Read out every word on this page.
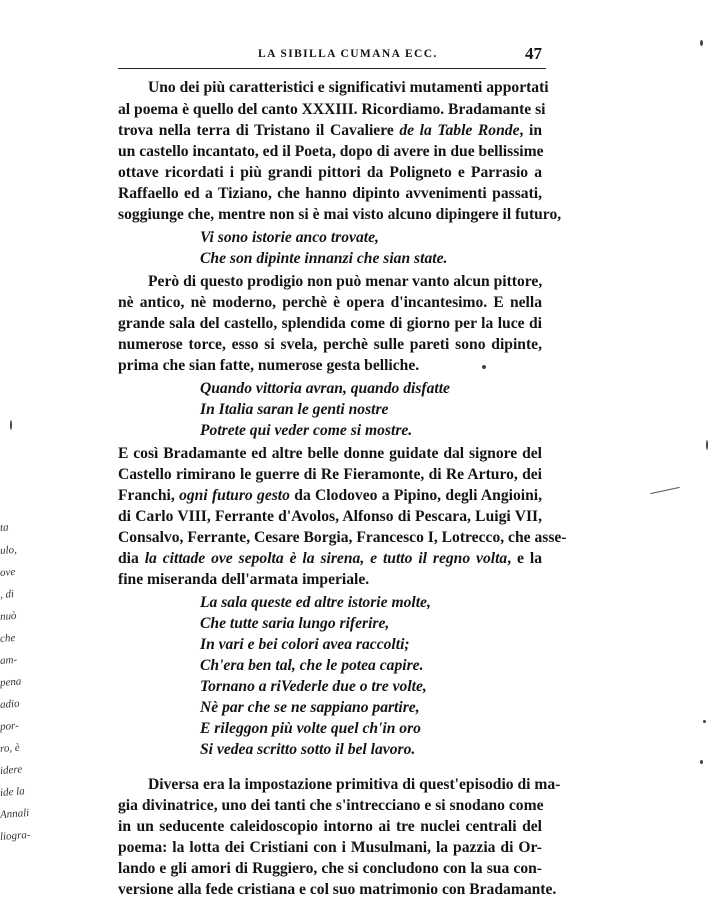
LA SIBILLA CUMANA ECC.	47
Uno dei più caratteristici e significativi mutamenti apportati
al poema è quello del canto XXXIII. Ricordiamo. Bradamante si
trova nella terra di Tristano il Cavaliere de la Table Ronde, in
un castello incantato, ed il Poeta, dopo di avere in due bellissime
ottave ricordati i più grandi pittori da Poligneto e Parrasio a
Raffaello ed a Tiziano, che hanno dipinto avvenimenti passati,
soggiunge che, mentre non si è mai visto alcuno dipingere il futuro,
Vi sono istorie anco trovate,
Che son dipinte innanzi che sian state.
Però di questo prodigio non può menar vanto alcun pittore,
nè antico, nè moderno, perchè è opera d'incantesimo. E nella
grande sala del castello, splendida come di giorno per la luce di
numerose torce, esso si svela, perchè sulle pareti sono dipinte,
prima che sian fatte, numerose gesta belliche.
Quando vittoria avran, quando disfatte
In Italia saran le genti nostre
Potrete qui veder come si mostre.
E così Bradamante ed altre belle donne guidate dal signore del
Castello rimirano le guerre di Re Fieramonte, di Re Arturo, dei
Franchi, ogni futuro gesto da Clodoveo a Pipino, degli Angioini,
di Carlo VIII, Ferrante d'Avolos, Alfonso di Pescara, Luigi VII,
Consalvo, Ferrante, Cesare Borgia, Francesco I, Lotrecco, che asse-
dia la cittade ove sepolta è la sirena, e tutto il regno volta, e la
fine miseranda dell'armata imperiale.
La sala queste ed altre istorie molte,
Che tutte saria lungo riferire,
In vari e bei colori avea raccolti;
Ch'era ben tal, che le potea capire.
Tornano a riVederle due o tre volte,
Nè par che se ne sappiano partire,
E rileggon più volte quel ch'in oro
Si vedea scritto sotto il bel lavoro.
Diversa era la impostazione primitiva di quest'episodio di ma-
gia divinatrice, uno dei tanti che s'intrecciano e si snodano come
in un seducente caleidoscopio intorno ai tre nuclei centrali del
poema: la lotta dei Cristiani con i Musulmani, la pazzia di Or-
lando e gli amori di Ruggiero, che si concludono con la sua con-
versione alla fede cristiana e col suo matrimonio con Bradamante.
ta
ulo,
ove
, di
nuò
che
am-
pena
adio
por-
ro, è
idere
ide la
Annali
liogra-
